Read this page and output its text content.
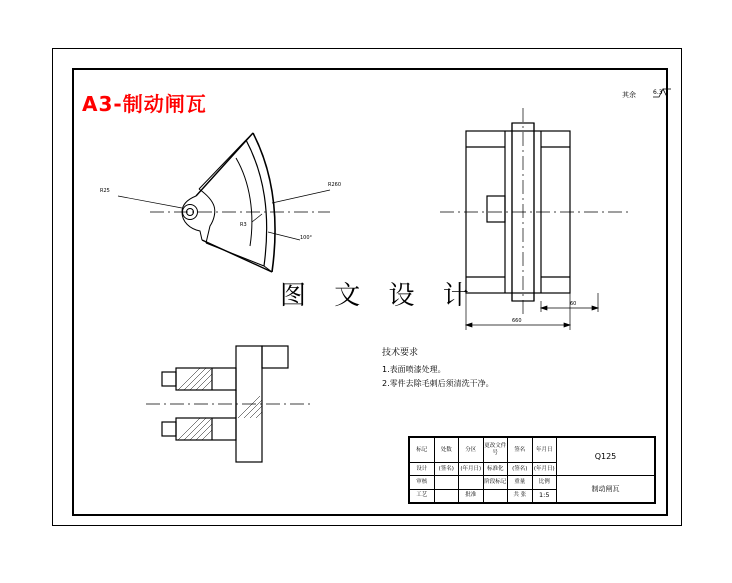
A3-制动闸瓦	其余	6.3
图 文 设 计
技术要求
1.表面喷漆处理。
2.零件去除毛刺后须清洗干净。
R25
R260
R3
100°
660
60
标记	处数	分区	更改文件号	签名	年月日	Q125
设计	(签名)	(年月日)	标准化	(签名)	(年月日)	
审核			阶段标记	重量	比例	制动闸瓦
工艺		批准		共 张	1:5	
